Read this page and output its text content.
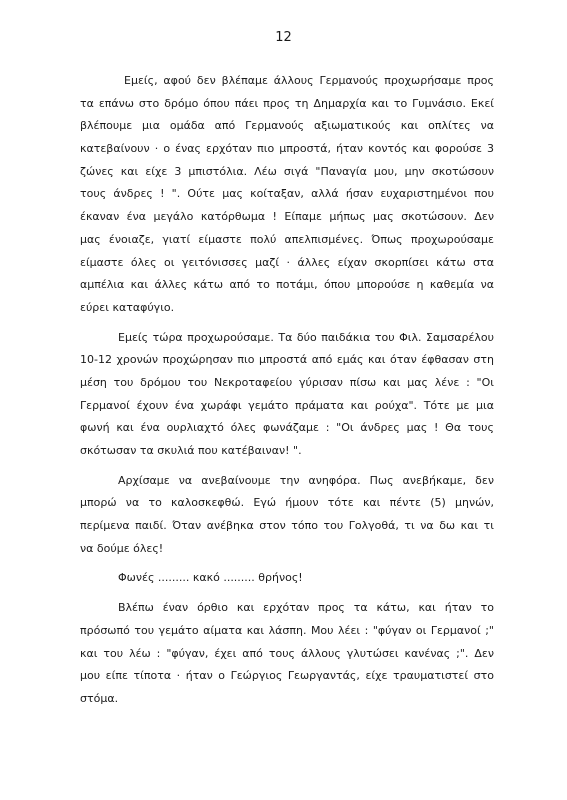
12
Εμείς, αφού δεν βλέπαμε άλλους Γερμανούς προχωρήσαμε προς
τα επάνω στο δρόμο όπου πάει προς τη Δημαρχία και το Γυμνάσιο. Εκεί
βλέπουμε μια ομάδα από Γερμανούς αξιωματικούς και οπλίτες να
κατεβαίνουν · ο ένας ερχόταν πιο μπροστά, ήταν κοντός και φορούσε 3
ζώνες και είχε 3 μπιστόλια. Λέω σιγά "Παναγία μου, μην σκοτώσουν
τους άνδρες ! ". Ούτε μας κοίταξαν, αλλά ήσαν ευχαριστημένοι που
έκαναν ένα μεγάλο κατόρθωμα ! Είπαμε μήπως μας σκοτώσουν. Δεν
μας ένοιαζε, γιατί είμαστε πολύ απελπισμένες. Όπως προχωρούσαμε
είμαστε όλες οι γειτόνισσες μαζί · άλλες είχαν σκορπίσει κάτω στα
αμπέλια και άλλες κάτω από το ποτάμι, όπου μπορούσε η καθεμία να
εύρει καταφύγιο.
Εμείς τώρα προχωρούσαμε. Τα δύο παιδάκια του Φιλ. Σαμσαρέλου
10-12 χρονών προχώρησαν πιο μπροστά από εμάς και όταν έφθασαν στη
μέση του δρόμου του Νεκροταφείου γύρισαν πίσω και μας λένε : "Οι
Γερμανοί έχουν ένα χωράφι γεμάτο πράματα και ρούχα". Τότε με μια
φωνή και ένα ουρλιαχτό όλες φωνάζαμε : "Οι άνδρες μας ! Θα τους
σκότωσαν τα σκυλιά που κατέβαιναν! ".
Αρχίσαμε να ανεβαίνουμε την ανηφόρα. Πως ανεβήκαμε, δεν
μπορώ να το καλοσκεφθώ. Εγώ ήμουν τότε και πέντε (5) μηνών,
περίμενα παιδί. Όταν ανέβηκα στον τόπο του Γολγοθά, τι να δω και τι
να δούμε όλες!
Φωνές ......... κακό ......... θρήνος!
Βλέπω έναν όρθιο και ερχόταν προς τα κάτω, και ήταν το
πρόσωπό του γεμάτο αίματα και λάσπη. Μου λέει : "φύγαν οι Γερμανοί ;"
και του λέω : "φύγαν, έχει από τους άλλους γλυτώσει κανένας ;". Δεν
μου είπε τίποτα · ήταν ο Γεώργιος Γεωργαντάς, είχε τραυματιστεί στο
στόμα.
